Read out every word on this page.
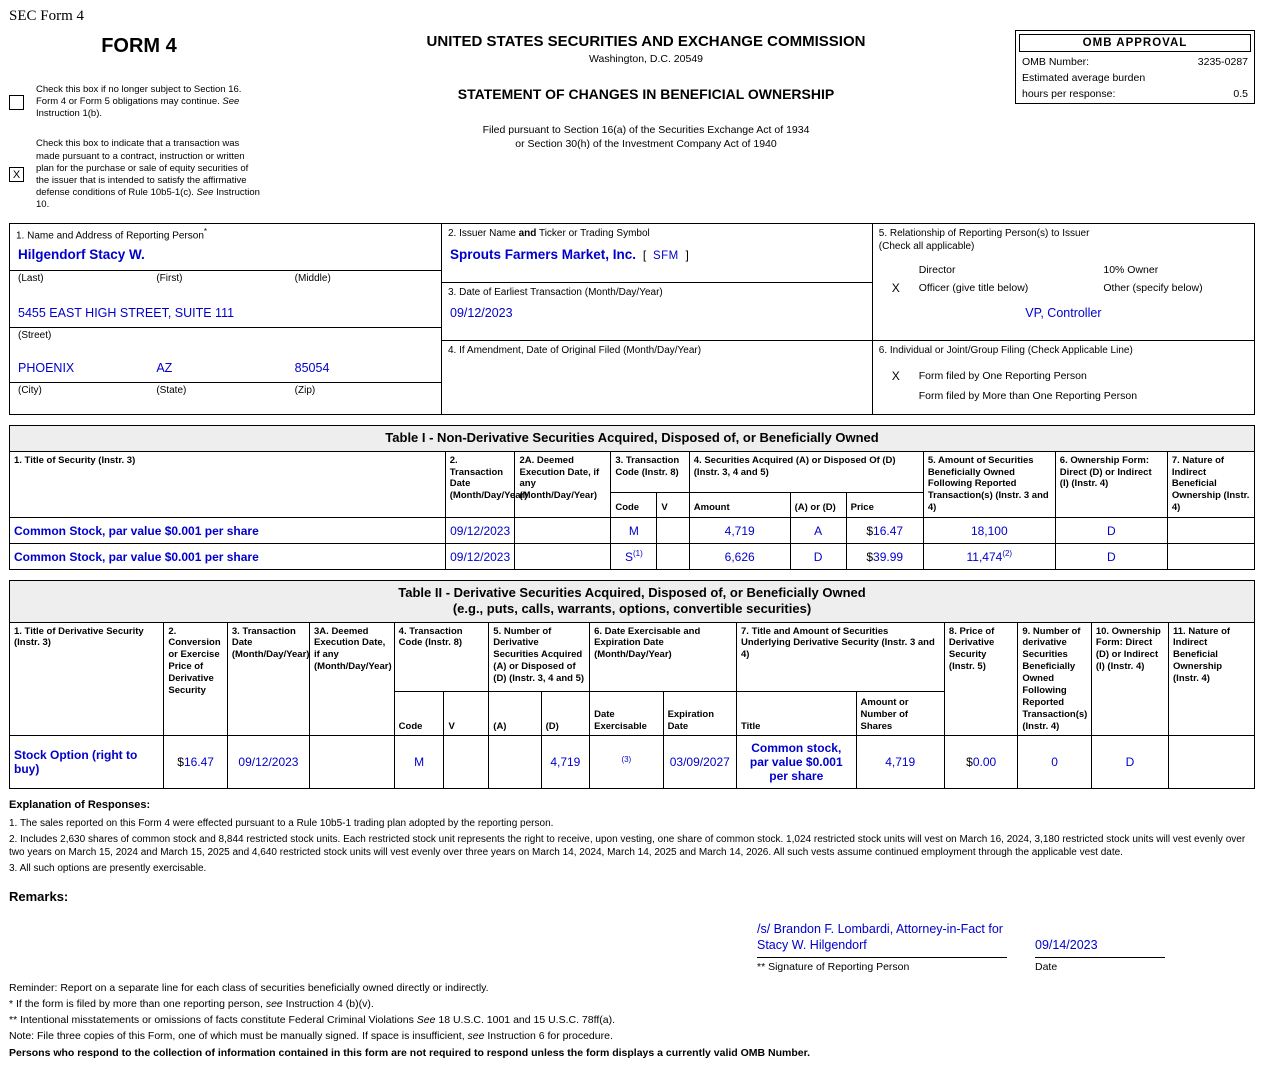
SEC Form 4
FORM 4
Check this box if no longer subject to Section 16. Form 4 or Form 5 obligations may continue. See Instruction 1(b).
X
Check this box to indicate that a transaction was made pursuant to a contract, instruction or written plan for the purchase or sale of equity securities of the issuer that is intended to satisfy the affirmative defense conditions of Rule 10b5-1(c). See Instruction 10.
UNITED STATES SECURITIES AND EXCHANGE COMMISSION
Washington, D.C. 20549
STATEMENT OF CHANGES IN BENEFICIAL OWNERSHIP
Filed pursuant to Section 16(a) of the Securities Exchange Act of 1934
or Section 30(h) of the Investment Company Act of 1940
OMB APPROVAL
OMB Number:	3235-0287
Estimated average burden
hours per response:	0.5
1. Name and Address of Reporting Person*
Hilgendorf Stacy W.
(Last)	(First)	(Middle)
5455 EAST HIGH STREET, SUITE 111
(Street)
PHOENIX	AZ	85054
(City)	(State)	(Zip)

2. Issuer Name and Ticker or Trading Symbol
Sprouts Farmers Market, Inc. [ SFM ]

5. Relationship of Reporting Person(s) to Issuer
(Check all applicable)
Director	10% Owner
X	Officer (give title below)	Other (specify below)
VP, Controller

	3. Date of Earliest Transaction (Month/Day/Year)
09/12/2023	

	4. If Amendment, Date of Original Filed (Month/Day/Year)	6. Individual or Joint/Group Filing (Check Applicable Line)
X Form filed by One Reporting Person
Form filed by More than One Reporting Person
Table I - Non-Derivative Securities Acquired, Disposed of, or Beneficially Owned
1. Title of Security (Instr. 3)	2. Transaction Date (Month/Day/Year)	2A. Deemed Execution Date, if any (Month/Day/Year)	3. Transaction Code (Instr. 8)		4. Securities Acquired (A) or Disposed Of (D) (Instr. 3, 4 and 5)			5. Amount of Securities Beneficially Owned Following Reported Transaction(s) (Instr. 3 and 4)	6. Ownership Form: Direct (D) or Indirect (I) (Instr. 4)	7. Nature of Indirect Beneficial Ownership (Instr. 4)
			Code	V	Amount	(A) or (D)	Price			
Common Stock, par value $0.001 per share	09/12/2023		M		4,719	A	$16.47	18,100	D	
Common Stock, par value $0.001 per share	09/12/2023		$S^{(1)}$		6,626	D	$39.99	11,474$^{(2)}$	D	
Table II - Derivative Securities Acquired, Disposed of, or Beneficially Owned
(e.g., puts, calls, warrants, options, convertible securities)
1. Title of Derivative Security (Instr. 3)	2. Conversion or Exercise Price of Derivative Security	3. Transaction Date (Month/Day/Year)	3A. Deemed Execution Date, if any (Month/Day/Year)	4. Transaction Code (Instr. 8)		5. Number of Derivative Securities Acquired (A) or Disposed of (D) (Instr. 3, 4 and 5)		6. Date Exercisable and Expiration Date (Month/Day/Year)		7. Title and Amount of Securities Underlying Derivative Security (Instr. 3 and 4)		8. Price of Derivative Security (Instr. 5)	9. Number of derivative Securities Beneficially Owned Following Reported Transaction(s) (Instr. 4)	10. Ownership Form: Direct (D) or Indirect (I) (Instr. 4)	11. Nature of Indirect Beneficial Ownership (Instr. 4)
				Code	V	(A)	(D)	Date Exercisable	Expiration Date	Title	Amount or Number of Shares				
Stock Option (right to buy)	$16.47	09/12/2023		M			4,719	$^{(3)}$	03/09/2027	Common stock, par value $0.001 per share	4,719	$0.00	0	D	
Explanation of Responses:
1. The sales reported on this Form 4 were effected pursuant to a Rule 10b5-1 trading plan adopted by the reporting person.
2. Includes 2,630 shares of common stock and 8,844 restricted stock units. Each restricted stock unit represents the right to receive, upon vesting, one share of common stock. 1,024 restricted stock units will vest on March 16, 2024, 3,180 restricted stock units will vest evenly over two years on March 15, 2024 and March 15, 2025 and 4,640 restricted stock units will vest evenly over three years on March 14, 2024, March 14, 2025 and March 14, 2026. All such vests assume continued employment through the applicable vest date.
3. All such options are presently exercisable.
Remarks:
/s/ Brandon F. Lombardi, Attorney-in-Fact for Stacy W. Hilgendorf
** Signature of Reporting Person
09/14/2023
Date
Reminder: Report on a separate line for each class of securities beneficially owned directly or indirectly.
* If the form is filed by more than one reporting person, see Instruction 4 (b)(v).
** Intentional misstatements or omissions of facts constitute Federal Criminal Violations See 18 U.S.C. 1001 and 15 U.S.C. 78ff(a).
Note: File three copies of this Form, one of which must be manually signed. If space is insufficient, see Instruction 6 for procedure.
Persons who respond to the collection of information contained in this form are not required to respond unless the form displays a currently valid OMB Number.
